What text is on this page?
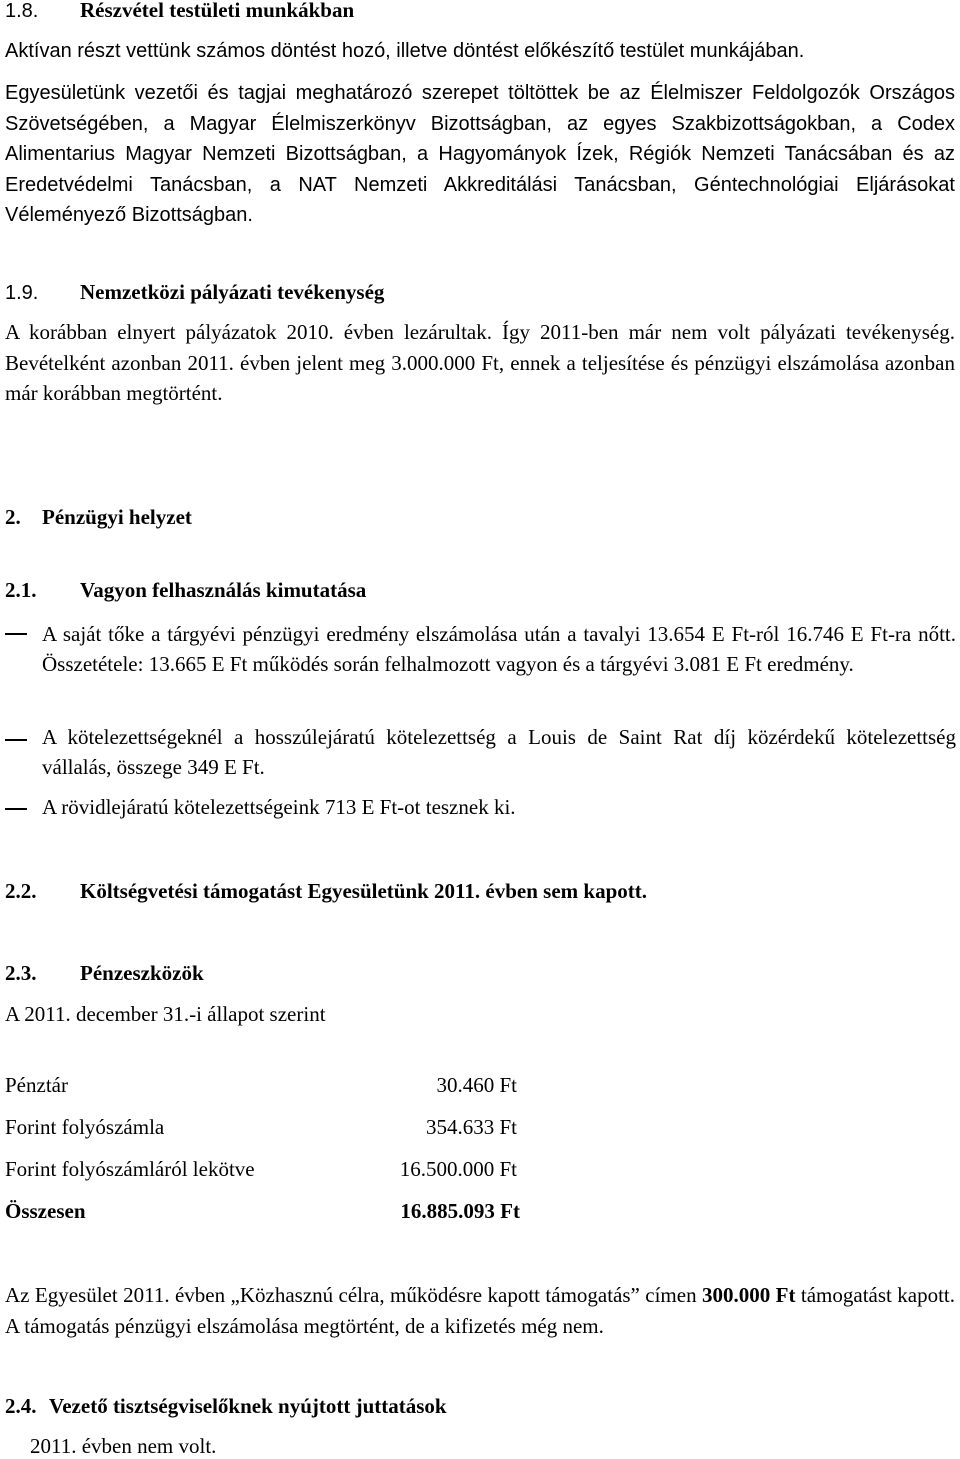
1.8. Részvétel testületi munkákban
Aktívan részt vettünk számos döntést hozó, illetve döntést előkészítő testület munkájában.
Egyesületünk vezetői és tagjai meghatározó szerepet töltöttek be az Élelmiszer Feldolgozók Országos Szövetségében, a Magyar Élelmiszerkönyv Bizottságban, az egyes Szakbizottságokban, a Codex Alimentarius Magyar Nemzeti Bizottságban, a Hagyományok Ízek, Régiók Nemzeti Tanácsában és az Eredetvédelmi Tanácsban, a NAT Nemzeti Akkreditálási Tanácsban, Géntechnológiai Eljárásokat Véleményező Bizottságban.
1.9. Nemzetközi pályázati tevékenység
A korábban elnyert pályázatok 2010. évben lezárultak. Így 2011-ben már nem volt pályázati tevékenység. Bevételként azonban 2011. évben jelent meg 3.000.000 Ft, ennek a teljesítése és pénzügyi elszámolása azonban már korábban megtörtént.
2. Pénzügyi helyzet
2.1. Vagyon felhasználás kimutatása
A saját tőke a tárgyévi pénzügyi eredmény elszámolása után a tavalyi 13.654 E Ft-ról 16.746 E Ft-ra nőtt. Összetétele: 13.665 E Ft működés során felhalmozott vagyon és a tárgyévi 3.081 E Ft eredmény.
A kötelezettségeknél a hosszúlejáratú kötelezettség a Louis de Saint Rat díj közérdekű kötelezettség vállalás, összege 349 E Ft.
A rövidlejáratú kötelezettségeink 713 E Ft-ot tesznek ki.
2.2. Költségvetési támogatást Egyesületünk 2011. évben sem kapott.
2.3. Pénzeszközök
A 2011. december 31.-i állapot szerint
Pénztár	30.460 Ft
Forint folyószámla	354.633 Ft
Forint folyószámláról lekötve	16.500.000 Ft
Összesen	16.885.093 Ft
Az Egyesület 2011. évben „Közhasznú célra, működésre kapott támogatás” címen 300.000 Ft támogatást kapott. A támogatás pénzügyi elszámolása megtörtént, de a kifizetés még nem.
2.4. Vezető tisztségviselőknek nyújtott juttatások
2011. évben nem volt.
